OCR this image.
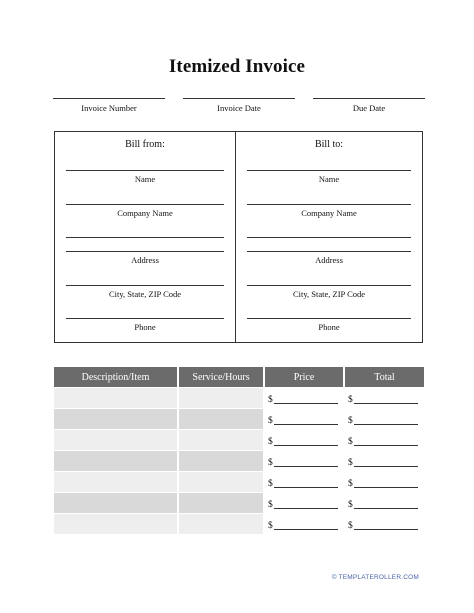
Itemized Invoice
Invoice Number	Invoice Date	Due Date
Bill from:
Name
Company Name
Address
City, State, ZIP Code
Phone
Bill to:
Name
Company Name
Address
City, State, ZIP Code
Phone
Description/Item	Service/Hours	Price	Total

		$	$

		$	$

		$	$

		$	$

		$	$

		$	$

		$	$
© TEMPLATEROLLER.COM
